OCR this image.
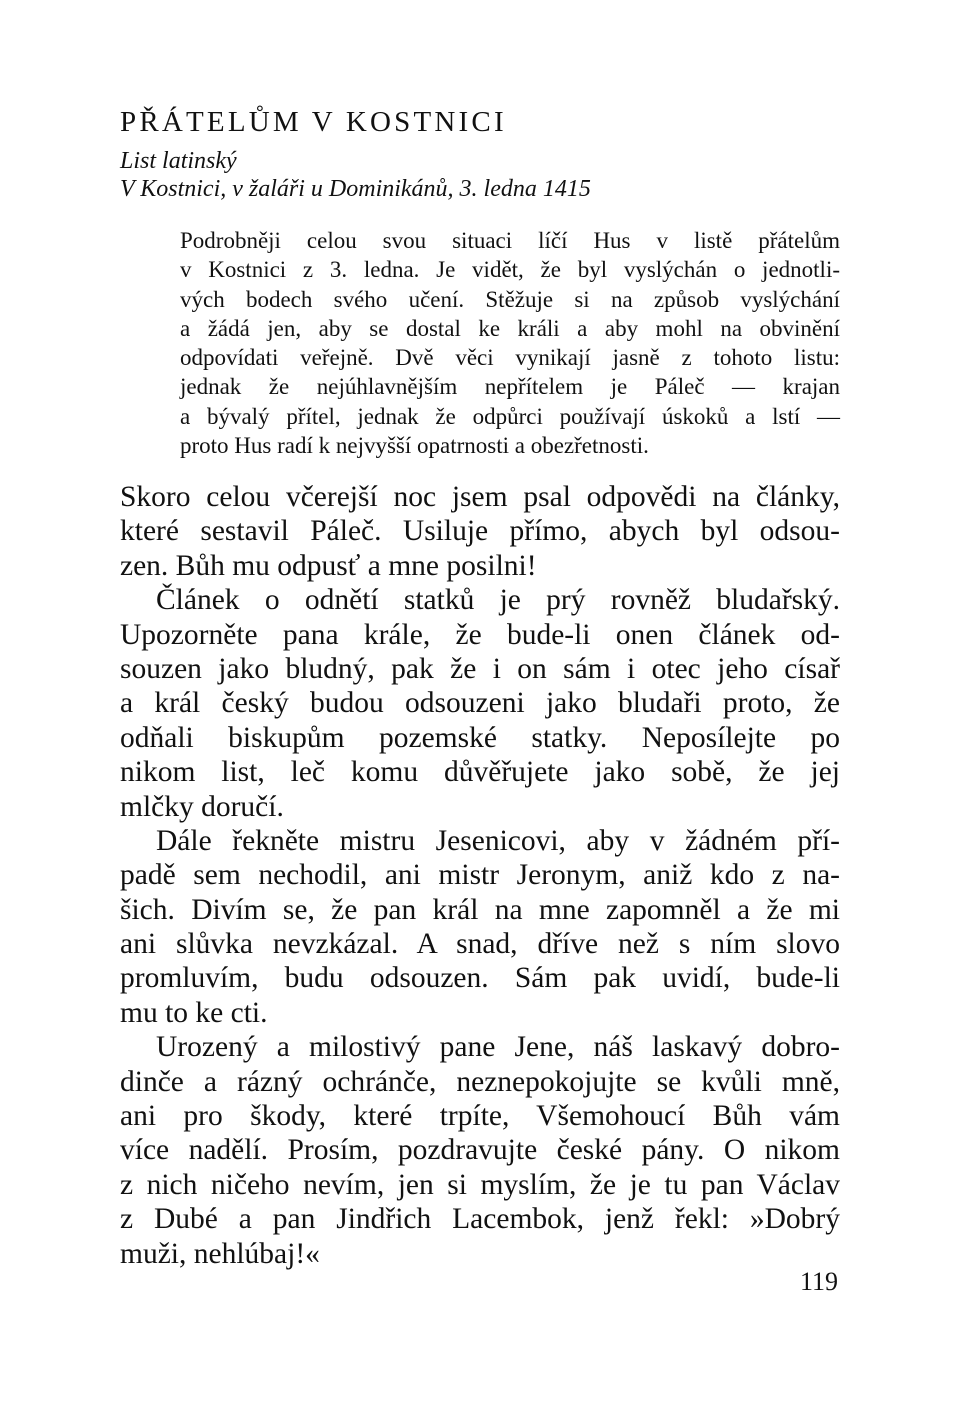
PŘÁTELŮM V KOSTNICI
List latinský
V Kostnici, v žaláři u Dominikánů, 3. ledna 1415
Podrobněji celou svou situaci líčí Hus v listě přátelům
v Kostnici z 3. ledna. Je vidět, že byl vyslýchán o jednotli-
vých bodech svého učení. Stěžuje si na způsob vyslýchání
a žádá jen, aby se dostal ke králi a aby mohl na obvinění
odpovídati veřejně. Dvě věci vynikají jasně z tohoto listu:
jednak že nejúhlavnějším nepřítelem je Páleč — krajan
a bývalý přítel, jednak že odpůrci používají úskoků a lstí —
proto Hus radí k nejvyšší opatrnosti a obezřetnosti.
Skoro celou včerejší noc jsem psal odpovědi na články,
které sestavil Páleč. Usiluje přímo, abych byl odsou-
zen. Bůh mu odpusť a mne posilni!
Článek o odnětí statků je prý rovněž bludařský.
Upozorněte pana krále, že bude-li onen článek od-
souzen jako bludný, pak že i on sám i otec jeho císař
a král český budou odsouzeni jako bludaři proto, že
odňali biskupům pozemské statky. Neposílejte po
nikom list, leč komu důvěřujete jako sobě, že jej
mlčky doručí.
Dále řekněte mistru Jesenicovi, aby v žádném pří-
padě sem nechodil, ani mistr Jeronym, aniž kdo z na-
šich. Divím se, že pan král na mne zapomněl a že mi
ani slůvka nevzkázal. A snad, dříve než s ním slovo
promluvím, budu odsouzen. Sám pak uvidí, bude-li
mu to ke cti.
Urozený a milostivý pane Jene, náš laskavý dobro-
dinče a rázný ochránče, neznepokojujte se kvůli mně,
ani pro škody, které trpíte, Všemohoucí Bůh vám
více nadělí. Prosím, pozdravujte české pány. O nikom
z nich ničeho nevím, jen si myslím, že je tu pan Václav
z Dubé a pan Jindřich Lacembok, jenž řekl: »Dobrý
muži, nehlúbaj!«
119
